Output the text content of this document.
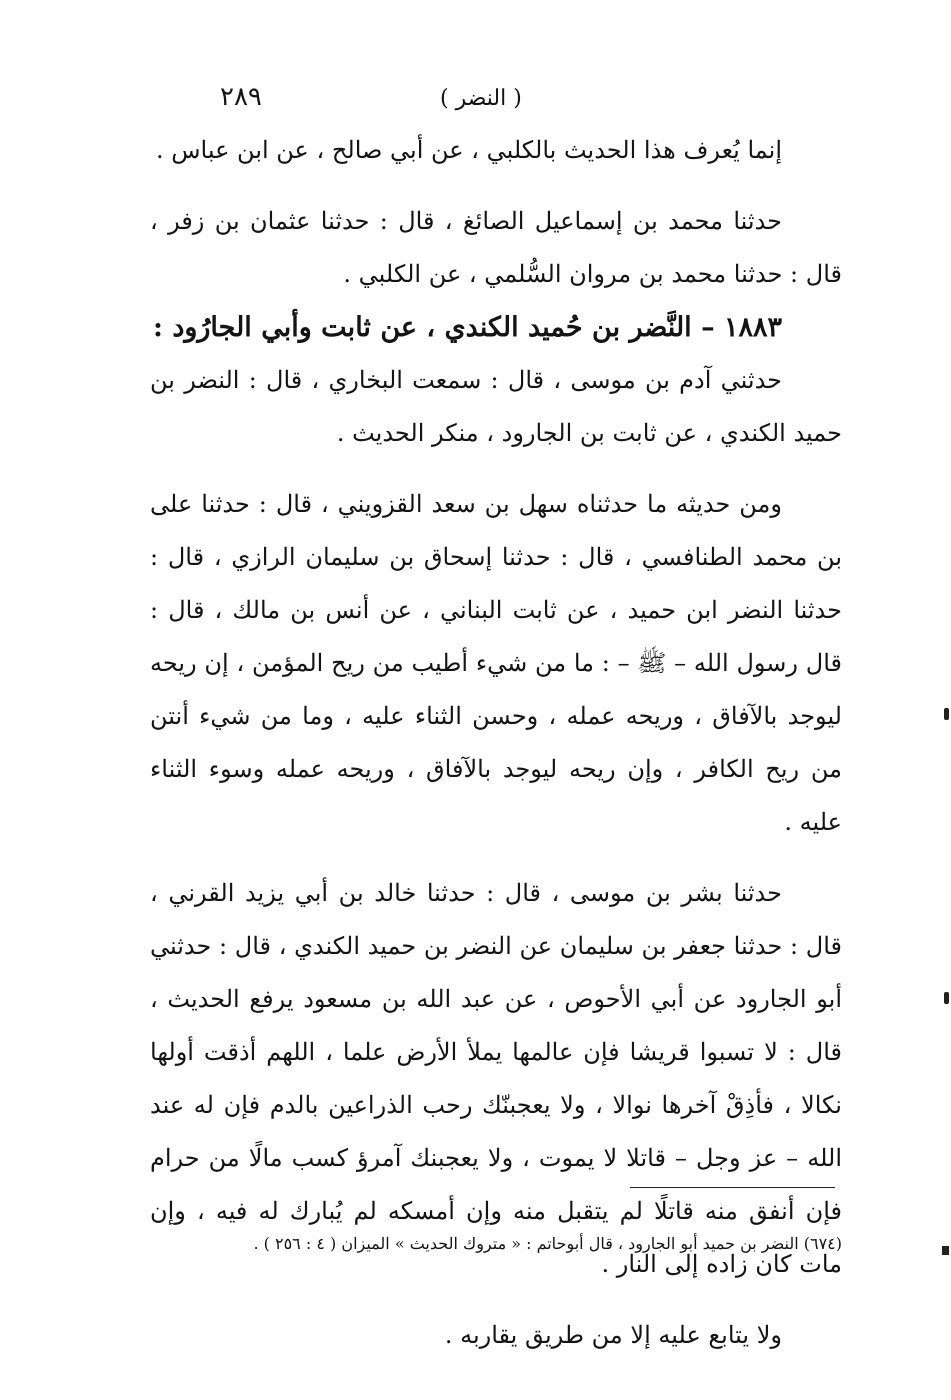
٢٨٩	( النضر )

إنما يُعرف هذا الحديث بالكلبي ، عن أبي صالح ، عن ابن عباس .

حدثنا محمد بن إسماعيل الصائغ ، قال : حدثنا عثمان بن زفر ، قال : حدثنا محمد بن مروان السُّلمي ، عن الكلبي .

١٨٨٣ – النَّضر بن حُميد الكندي ، عن ثابت وأبي الجارُود :

حدثني آدم بن موسى ، قال : سمعت البخاري ، قال : النضر بن حميد الكندي ، عن ثابت بن الجارود ، منكر الحديث .

ومن حديثه ما حدثناه سهل بن سعد القزويني ، قال : حدثنا على بن محمد الطنافسي ، قال : حدثنا إسحاق بن سليمان الرازي ، قال : حدثنا النضر ابن حميد ، عن ثابت البناني ، عن أنس بن مالك ، قال : قال رسول الله – ﷺ – : ما من شيء أطيب من ريح المؤمن ، إن ريحه ليوجد بالآفاق ، وريحه عمله ، وحسن الثناء عليه ، وما من شيء أنتن من ريح الكافر ، وإن ريحه ليوجد بالآفاق ، وريحه عمله وسوء الثناء عليه .

حدثنا بشر بن موسى ، قال : حدثنا خالد بن أبي يزيد القرني ، قال : حدثنا جعفر بن سليمان عن النضر بن حميد الكندي ، قال : حدثني أبو الجارود عن أبي الأحوص ، عن عبد الله بن مسعود يرفع الحديث ، قال : لا تسبوا قريشا فإن عالمها يملأ الأرض علما ، اللهم أذقت أولها نكالا ، فأذِقْ آخرها نوالا ، ولا يعجبنّك رحب الذراعين بالدم فإن له عند الله – عز وجل – قاتلا لا يموت ، ولا يعجبنك آمرؤ كسب مالًا من حرام فإن أنفق منه قاتلًا لم يتقبل منه وإن أمسكه لم يُبارك له فيه ، وإن مات كان زاده إلى النار .

ولا يتابع عليه إلا من طريق يقاربه .

(٦٧٤) النضر بن حميد أبو الجارود ، قال أبوحاتم : « متروك الحديث » الميزان ( ٤ : ٢٥٦ ) .
